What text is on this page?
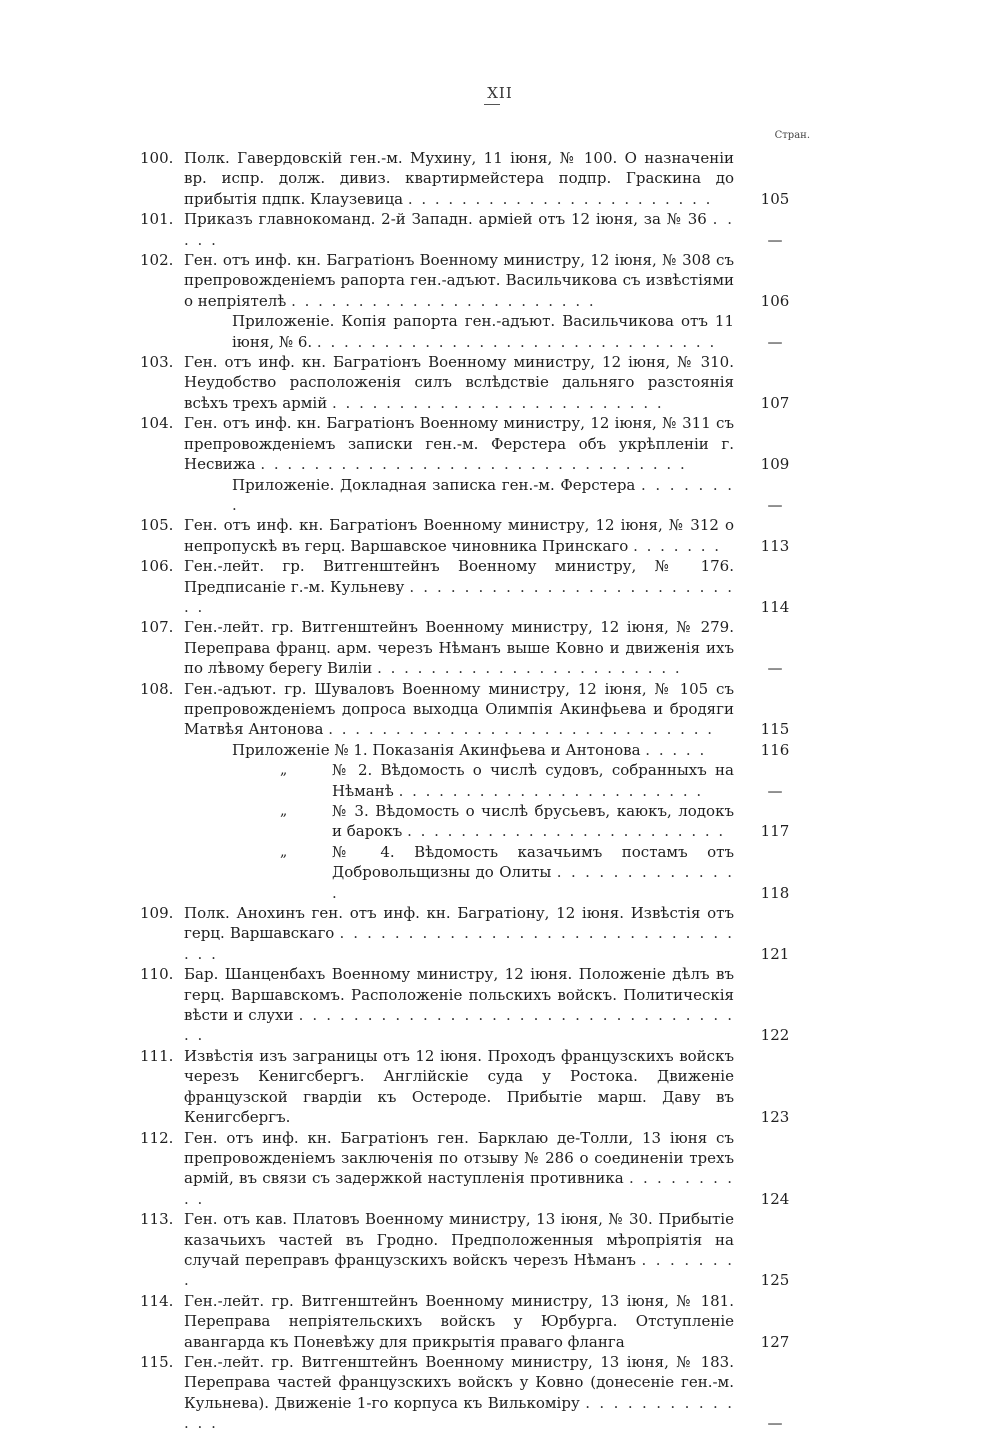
XII
Стран.
100. Полк. Гавердовскій ген.-м. Мухину, 11 іюня, № 100. О назначеніи вр. испр. долж. дивиз. квартирмейстера подпр. Граскина до прибытія пдпк. Клаузевица . . . . . . . . . . . . . . . . . . . . . . .	105
101. Приказъ главнокоманд. 2-й Западн. арміей отъ 12 іюня, за № 36 . . . . .	—
102. Ген. отъ инф. кн. Багратіонъ Военному министру, 12 іюня, № 308 съ препровожденіемъ рапорта ген.-адъют. Васильчикова съ извѣстіями о непріятелѣ . . . . . . . . . . . . . . . . . . . . . . .	106
Приложеніе. Копія рапорта ген.-адъют. Васильчикова отъ 11 іюня, № 6. . . . . . . . . . . . . . . . . . . . . . . . . . . . . . .	—
103. Ген. отъ инф. кн. Багратіонъ Военному министру, 12 іюня, № 310. Неудобство расположенія силъ вслѣдствіе дальняго разстоянія всѣхъ трехъ армій . . . . . . . . . . . . . . . . . . . . . . . . .	107
104. Ген. отъ инф. кн. Багратіонъ Военному министру, 12 іюня, № 311 съ препровожденіемъ записки ген.-м. Ферстера объ укрѣпленіи г. Несвижа . . . . . . . . . . . . . . . . . . . . . . . . . . . . . . . .	109
Приложеніе. Докладная записка ген.-м. Ферстера . . . . . . . .	—
105. Ген. отъ инф. кн. Багратіонъ Военному министру, 12 іюня, № 312 о непропускѣ въ герц. Варшавское чиновника Принскаго . . . . . . .	113
106. Ген.-лейт. гр. Витгенштейнъ Военному министру, № 176. Предписаніе г.-м. Кульневу . . . . . . . . . . . . . . . . . . . . . . . . . .	114
107. Ген.-лейт. гр. Витгенштейнъ Военному министру, 12 іюня, № 279. Переправа франц. арм. черезъ Нѣманъ выше Ковно и движенія ихъ по лѣвому берегу Виліи . . . . . . . . . . . . . . . . . . . . . . .	—
108. Ген.-адъют. гр. Шуваловъ Военному министру, 12 іюня, № 105 съ препровожденіемъ допроса выходца Олимпія Акинфьева и бродяги Матвѣя Антонова . . . . . . . . . . . . . . . . . . . . . . . . . . . . .	115
Приложеніе № 1. Показанія Акинфьева и Антонова . . . . .	116
„	№ 2. Вѣдомость о числѣ судовъ, собранныхъ на Нѣманѣ . . . . . . . . . . . . . . . . . . . . . . .	—
„	№ 3. Вѣдомость о числѣ брусьевъ, каюкъ, лодокъ и барокъ . . . . . . . . . . . . . . . . . . . . . . . .	117
„	№ 4. Вѣдомость казачьимъ постамъ отъ Добровольщизны до Олиты . . . . . . . . . . . . . .	118
109. Полк. Анохинъ ген. отъ инф. кн. Багратіону, 12 іюня. Извѣстія отъ герц. Варшавскаго . . . . . . . . . . . . . . . . . . . . . . . . . . . . . . . .	121
110. Бар. Шанценбахъ Военному министру, 12 іюня. Положеніе дѣлъ въ герц. Варшавскомъ. Расположеніе польскихъ войскъ. Политическія вѣсти и слухи . . . . . . . . . . . . . . . . . . . . . . . . . . . . . . . . . .	122
111. Извѣстія изъ заграницы отъ 12 іюня. Проходъ французскихъ войскъ черезъ Кенигсбергъ. Англійскіе суда у Ростока. Движеніе французской гвардіи къ Остероде. Прибытіе марш. Даву въ Кенигсбергъ.	123
112. Ген. отъ инф. кн. Багратіонъ ген. Барклаю де-Толли, 13 іюня съ препровожденіемъ заключенія по отзыву № 286 о соединеніи трехъ армій, въ связи съ задержкой наступленія противника . . . . . . . . . .	124
113. Ген. отъ кав. Платовъ Военному министру, 13 іюня, № 30. Прибытіе казачьихъ частей въ Гродно. Предположенныя мѣропріятія на случай переправъ французскихъ войскъ черезъ Нѣманъ . . . . . . . .	125
114. Ген.-лейт. гр. Витгенштейнъ Военному министру, 13 іюня, № 181. Переправа непріятельскихъ войскъ у Юрбурга. Отступленіе авангарда къ Поневѣжу для прикрытія праваго фланга	127
115. Ген.-лейт. гр. Витгенштейнъ Военному министру, 13 іюня, № 183. Переправа частей французскихъ войскъ у Ковно (донесеніе ген.-м. Кульнева). Движеніе 1-го корпуса къ Вилькоміру . . . . . . . . . . . . . .	—
